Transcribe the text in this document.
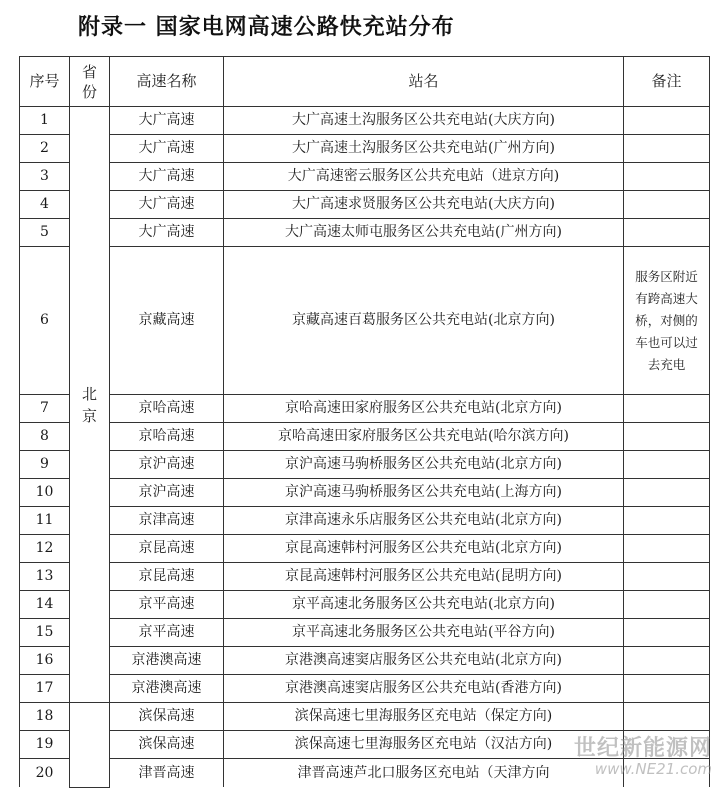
附录一 国家电网高速公路快充站分布
序号	省份	高速名称	站名	备注
1	北京	大广高速	大广高速土沟服务区公共充电站(大庆方向)	
2		大广高速	大广高速土沟服务区公共充电站(广州方向)	
3		大广高速	大广高速密云服务区公共充电站（进京方向)	
4		大广高速	大广高速求贤服务区公共充电站(大庆方向)	
5		大广高速	大广高速太师屯服务区公共充电站(广州方向)	
6		京藏高速	京藏高速百葛服务区公共充电站(北京方向)	服务区附近有跨高速大桥，对侧的车也可以过去充电
7		京哈高速	京哈高速田家府服务区公共充电站(北京方向)	
8		京哈高速	京哈高速田家府服务区公共充电站(哈尔滨方向)	
9		京沪高速	京沪高速马驹桥服务区公共充电站(北京方向)	
10		京沪高速	京沪高速马驹桥服务区公共充电站(上海方向)	
11		京津高速	京津高速永乐店服务区公共充电站(北京方向)	
12		京昆高速	京昆高速韩村河服务区公共充电站(北京方向)	
13		京昆高速	京昆高速韩村河服务区公共充电站(昆明方向)	
14		京平高速	京平高速北务服务区公共充电站(北京方向)	
15		京平高速	京平高速北务服务区公共充电站(平谷方向)	
16		京港澳高速	京港澳高速窦店服务区公共充电站(北京方向)	
17		京港澳高速	京港澳高速窦店服务区公共充电站(香港方向)	
18		滨保高速	滨保高速七里海服务区充电站（保定方向)	
19		滨保高速	滨保高速七里海服务区充电站（汉沽方向)	
20		津晋高速	津晋高速芦北口服务区充电站（天津方向	
世纪新能源网
www.NE21.com
